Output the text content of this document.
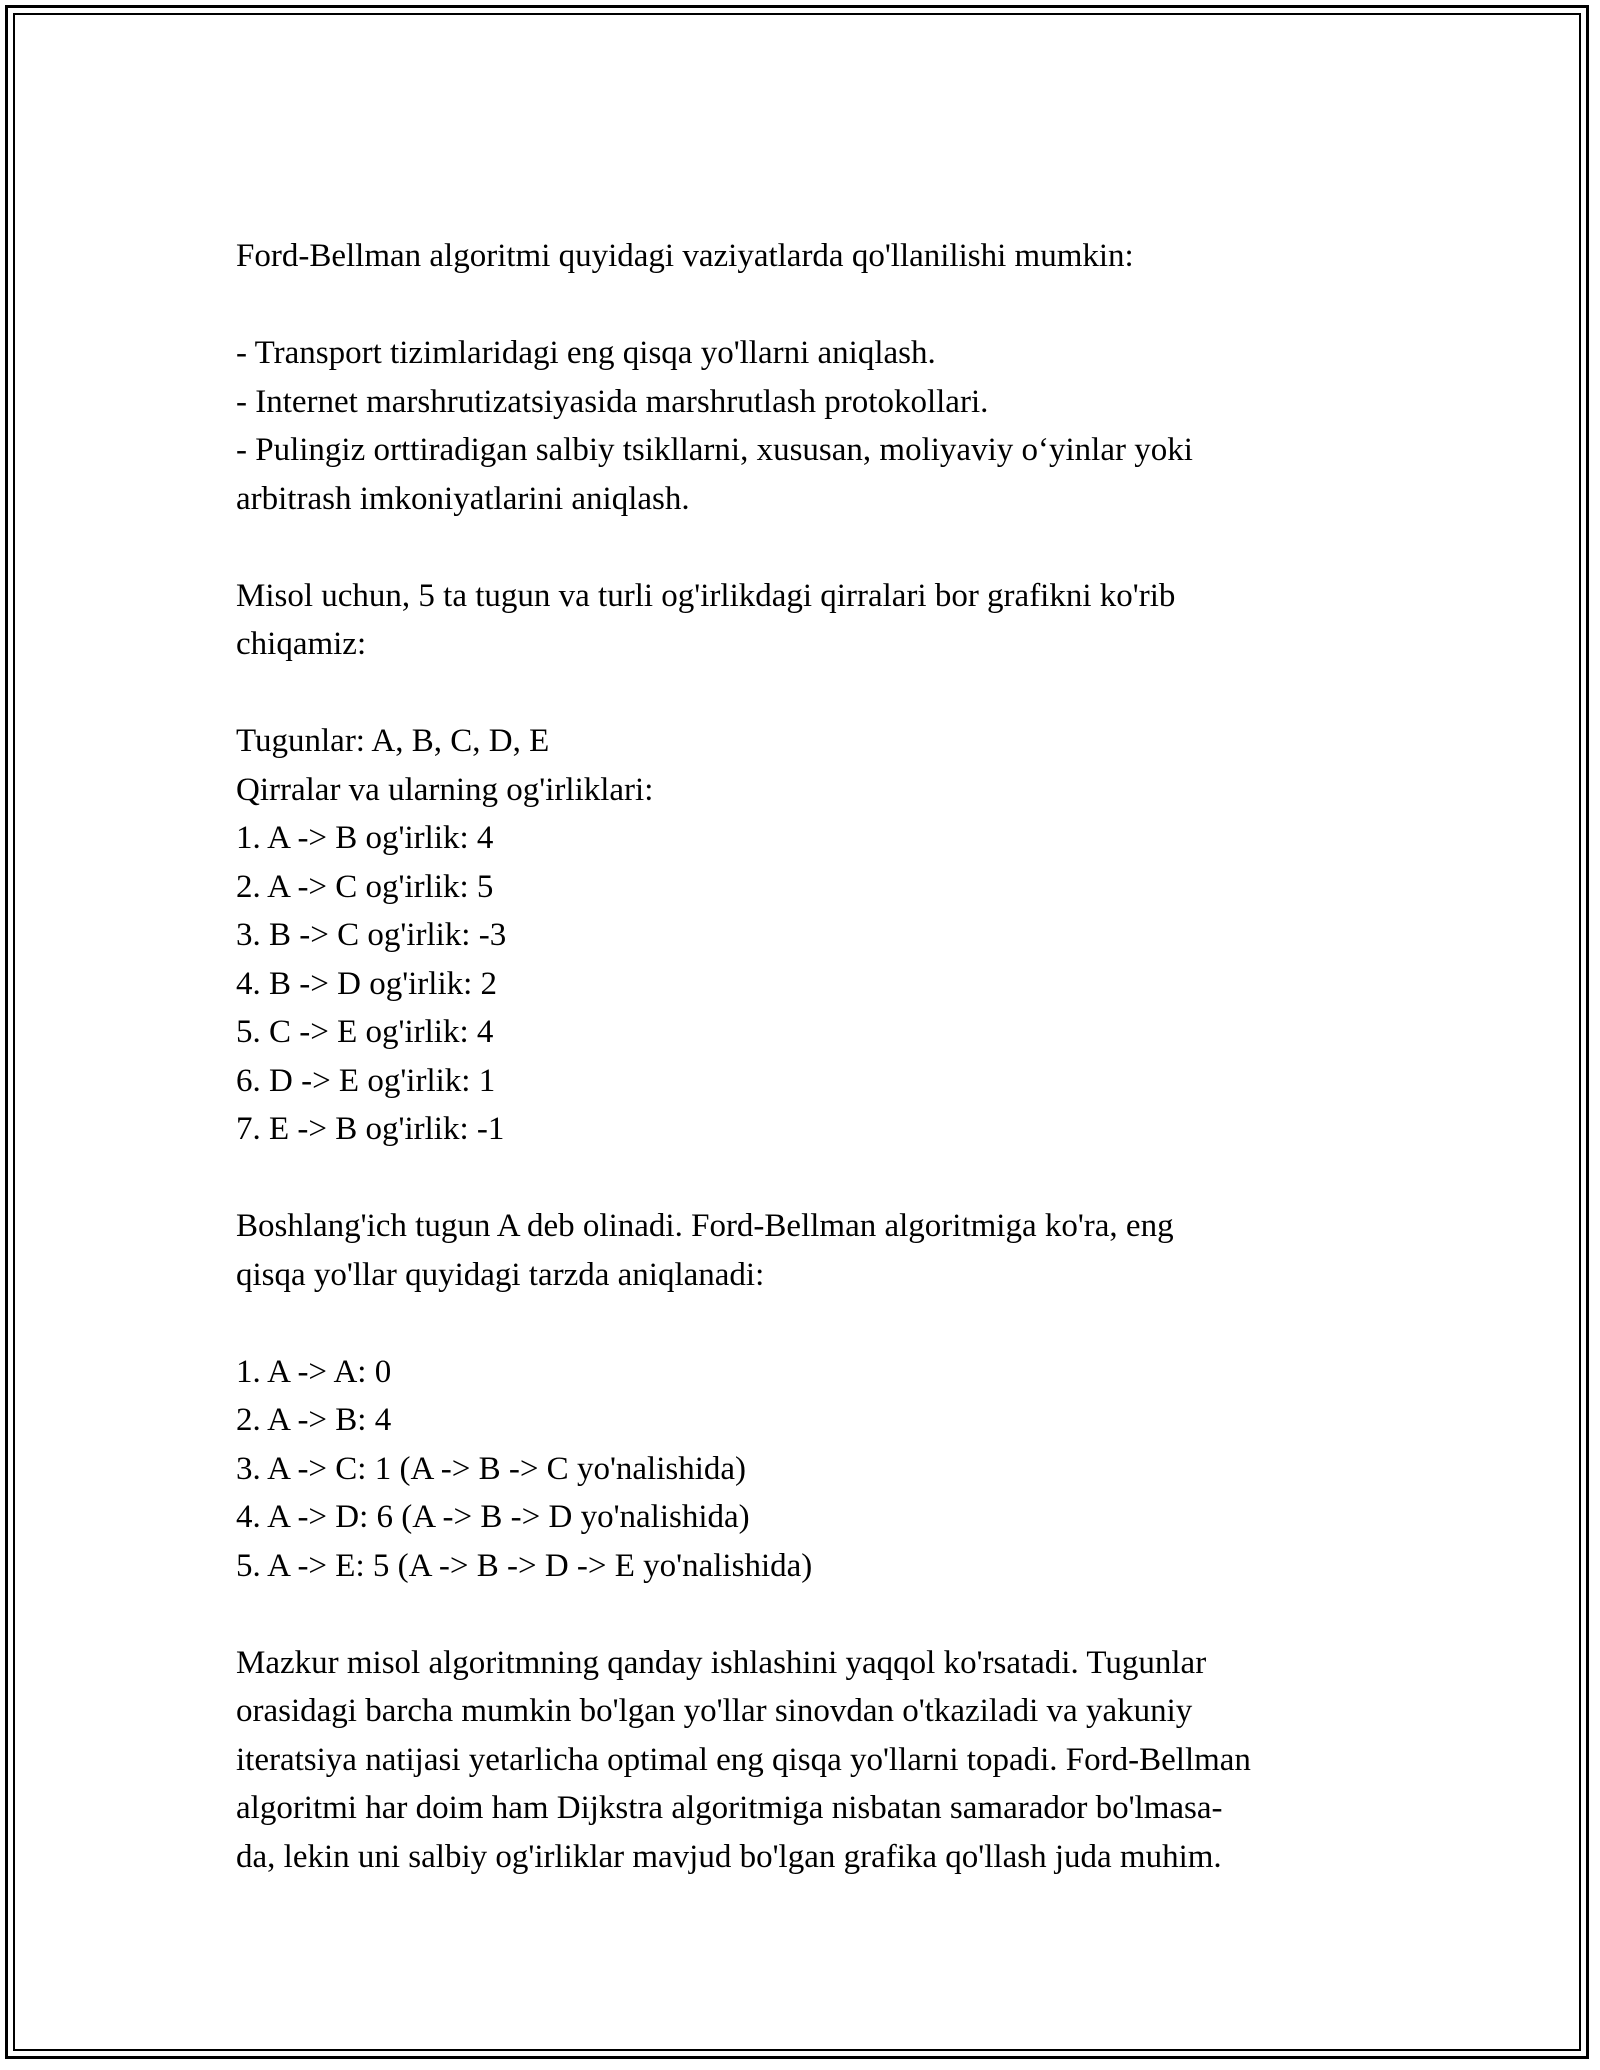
Ford-Bellman algoritmi quyidagi vaziyatlarda qo'llanilishi mumkin:
- Transport tizimlaridagi eng qisqa yo'llarni aniqlash.
- Internet marshrutizatsiyasida marshrutlash protokollari.
- Pulingiz orttiradigan salbiy tsikllarni, xususan, moliyaviy o‘yinlar yoki
arbitrash imkoniyatlarini aniqlash.
Misol uchun, 5 ta tugun va turli og'irlikdagi qirralari bor grafikni ko'rib
chiqamiz:
Tugunlar: A, B, C, D, E
Qirralar va ularning og'irliklari:
1. A -> B og'irlik: 4
2. A -> C og'irlik: 5
3. B -> C og'irlik: -3
4. B -> D og'irlik: 2
5. C -> E og'irlik: 4
6. D -> E og'irlik: 1
7. E -> B og'irlik: -1
Boshlang'ich tugun A deb olinadi. Ford-Bellman algoritmiga ko'ra, eng
qisqa yo'llar quyidagi tarzda aniqlanadi:
1. A -> A: 0
2. A -> B: 4
3. A -> C: 1 (A -> B -> C yo'nalishida)
4. A -> D: 6 (A -> B -> D yo'nalishida)
5. A -> E: 5 (A -> B -> D -> E yo'nalishida)
Mazkur misol algoritmning qanday ishlashini yaqqol ko'rsatadi. Tugunlar
orasidagi barcha mumkin bo'lgan yo'llar sinovdan o'tkaziladi va yakuniy
iteratsiya natijasi yetarlicha optimal eng qisqa yo'llarni topadi. Ford-Bellman
algoritmi har doim ham Dijkstra algoritmiga nisbatan samarador bo'lmasa-
da, lekin uni salbiy og'irliklar mavjud bo'lgan grafika qo'llash juda muhim.
